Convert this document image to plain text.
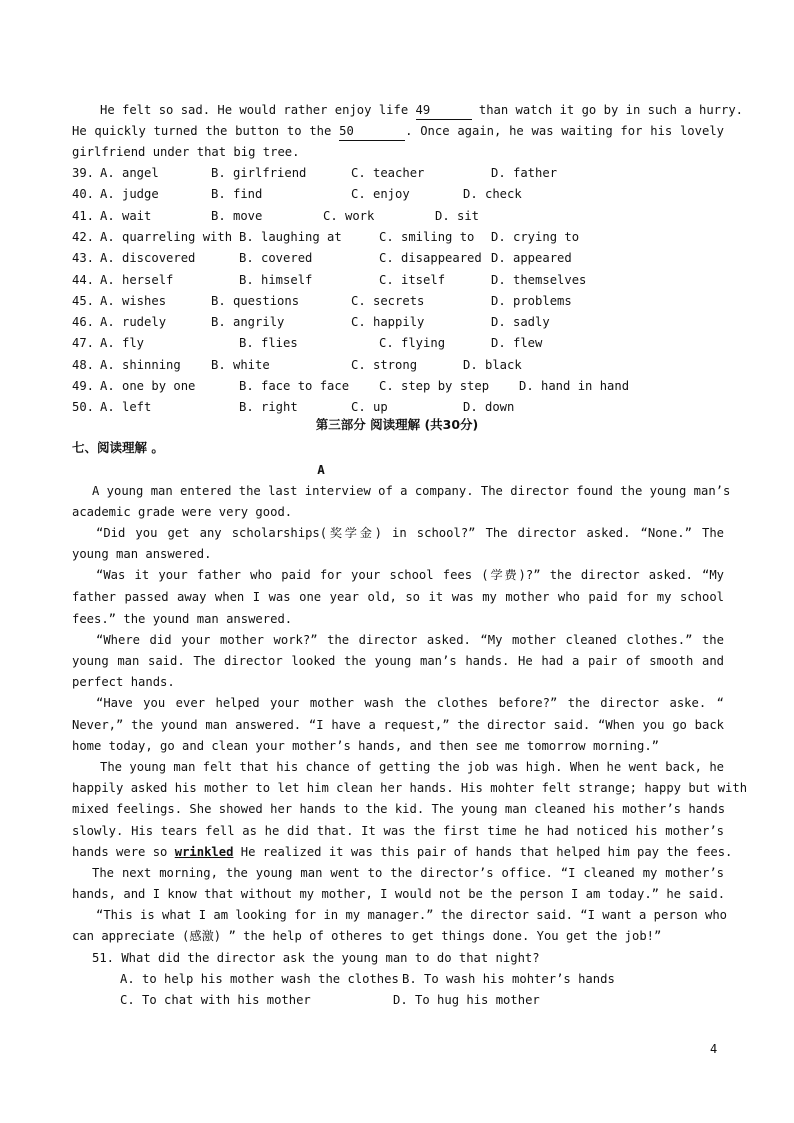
He felt so sad. He would rather enjoy life 49	than watch it go by in such a hurry.
He quickly turned the button to the 50	. Once again, he was waiting for his lovely
girlfriend under that big tree.
39. A. angel	B. girlfriend	C. teacher	D. father
40. A. judge	B. find	C. enjoy	D. check
41. A. wait	B. move	C. work	D. sit
42. A. quarreling with B. laughing at	C. smiling to D. crying to
43. A. discovered	B. covered	C. disappeared D. appeared
44. A. herself	B. himself	C. itself	D. themselves
45. A. wishes	B. questions	C. secrets	D. problems
46. A. rudely	B. angrily	C. happily	D. sadly
47. A. fly	B. flies	C. flying	D. flew
48. A. shinning B. white	C. strong	D. black
49. A. one by one	B. face to face C. step by step D. hand in hand
50. A. left	B. right	C. up	D. down
第三部分 阅读理解 (共30分)
七、阅读理解 。
A
A young man entered the last interview of a company. The director found the young man’s
academic grade were very good.
“Did you get any scholarships(奖学金) in school?” The director asked. “None.” The
young man answered.
“Was it your father who paid for your school fees (学费)?” the director asked. “My
father passed away when I was one year old, so it was my mother who paid for my school
fees.” the yound man answered.
“Where did your mother work?” the director asked. “My mother cleaned clothes.” the
young man said. The director looked the young man’s hands. He had a pair of smooth and
perfect hands.
“Have you ever helped your mother wash the clothes before?” the director aske. “
Never,” the yound man answered. “I have a request,” the director said. “When you go back
home today, go and clean your mother’s hands, and then see me tomorrow morning.”
The young man felt that his chance of getting the job was high. When he went back, he
happily asked his mother to let him clean her hands. His mohter felt strange; happy but with
mixed feelings. She showed her hands to the kid. The young man cleaned his mother’s hands
slowly. His tears fell as he did that. It was the first time he had noticed his mother’s
hands were so wrinkled He realized it was this pair of hands that helped him pay the fees.
The next morning, the young man went to the director’s office. “I cleaned my mother’s
hands, and I know that without my mother, I would not be the person I am today.” he said.
“This is what I am looking for in my manager.” the director said. “I want a person who
can appreciate (感激) ” the help of otheres to get things done. You get the job!”
51. What did the director ask the young man to do that night?
A. to help his mother wash the clothes B. To wash his mohter’s hands
C. To chat with his mother	D. To hug his mother
4
